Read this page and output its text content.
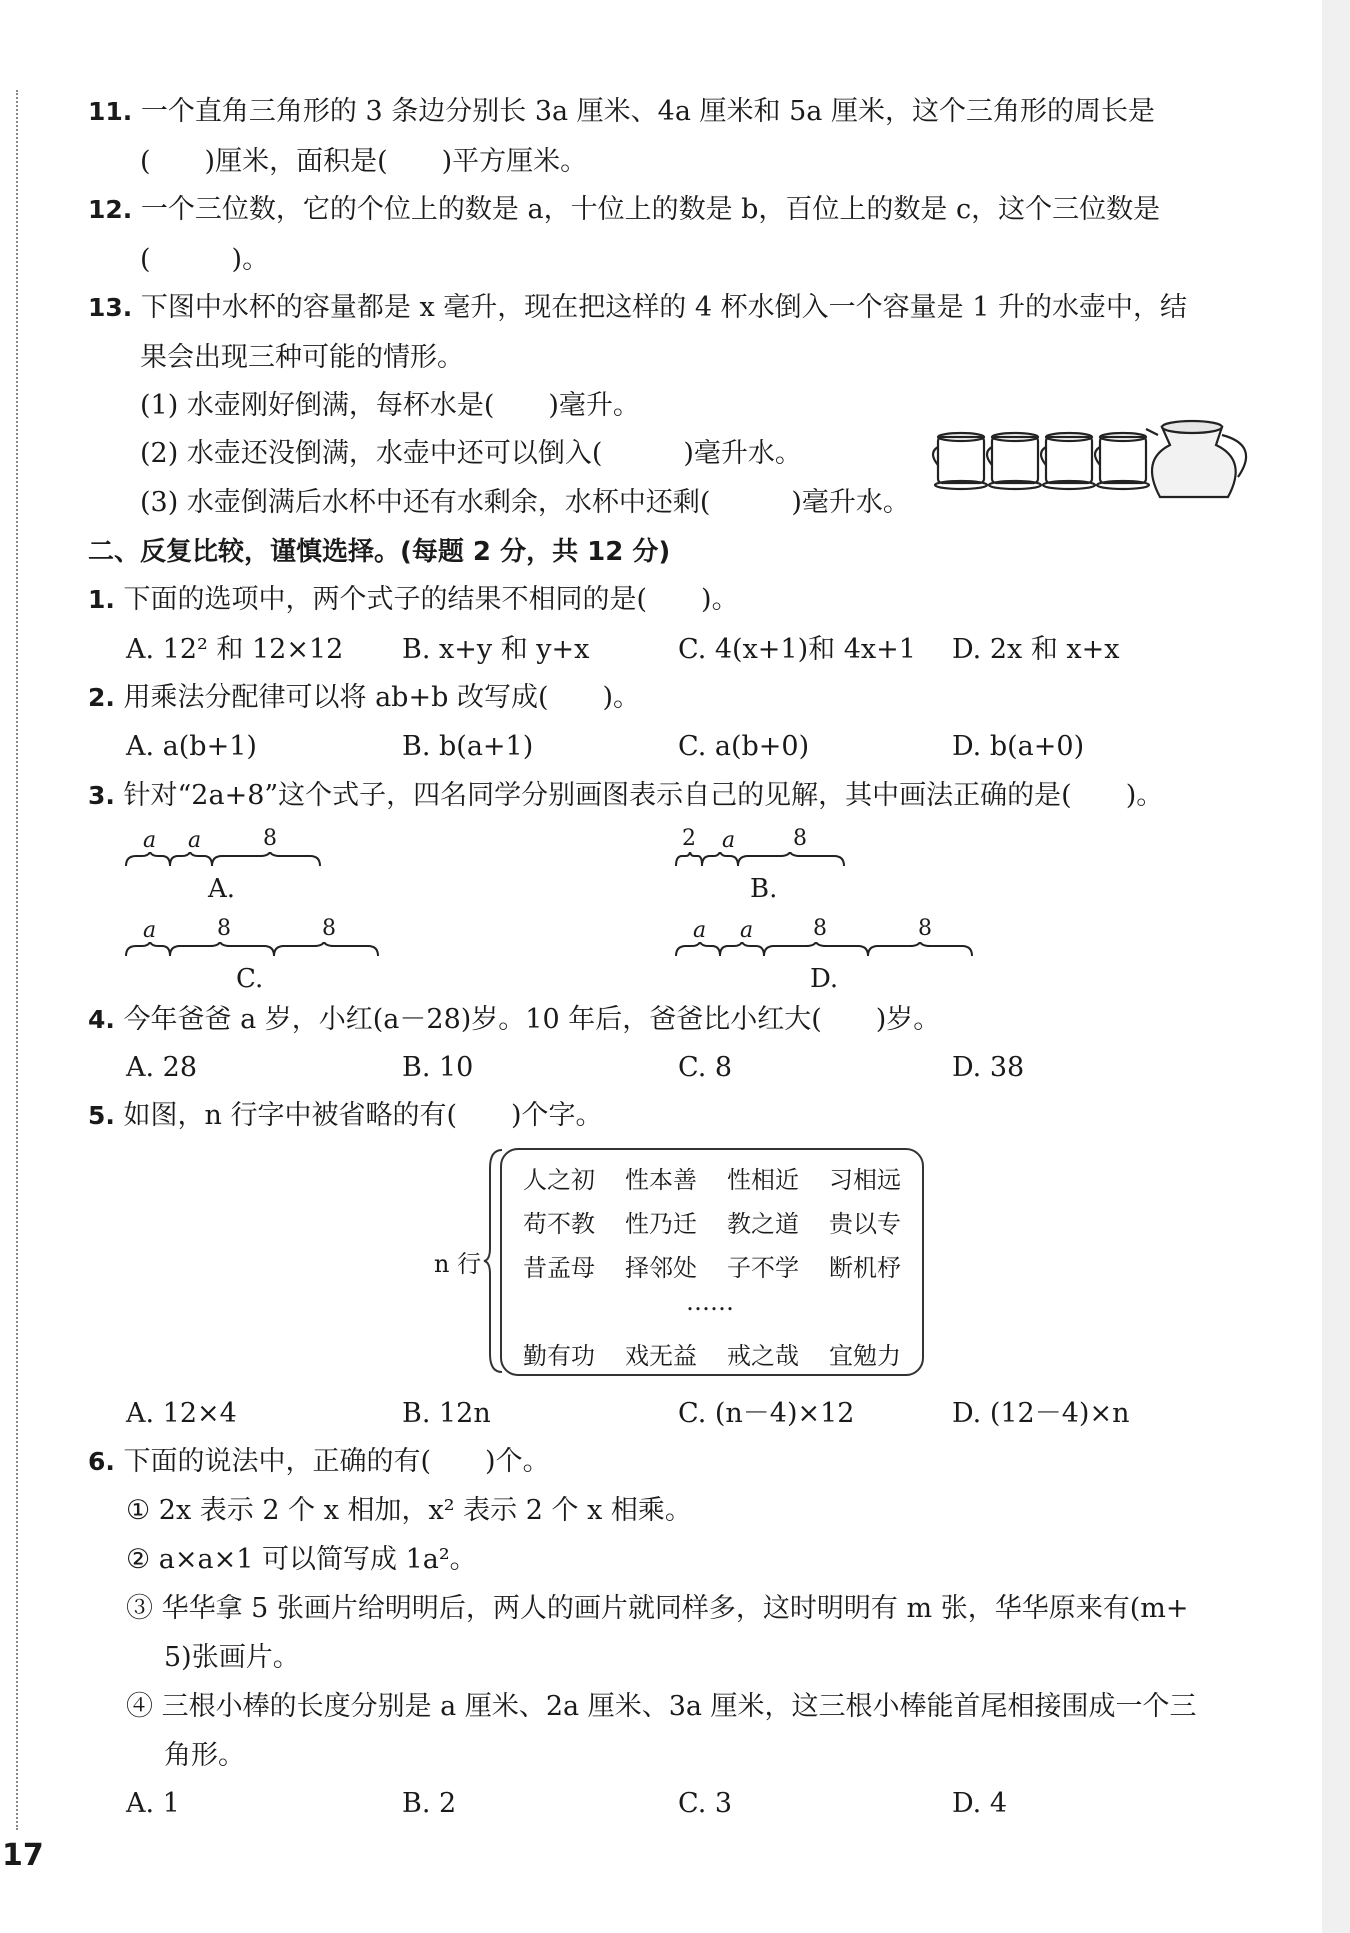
11. 一个直角三角形的 3 条边分别长 3a 厘米、4a 厘米和 5a 厘米，这个三角形的周长是
(　　)厘米，面积是(　　)平方厘米。
12. 一个三位数，它的个位上的数是 a，十位上的数是 b，百位上的数是 c，这个三位数是
(　　　)。
13. 下图中水杯的容量都是 x 毫升，现在把这样的 4 杯水倒入一个容量是 1 升的水壶中，结
果会出现三种可能的情形。
(1) 水壶刚好倒满，每杯水是(　　)毫升。
(2) 水壶还没倒满，水壶中还可以倒入(　　　)毫升水。
(3) 水壶倒满后水杯中还有水剩余，水杯中还剩(　　　)毫升水。
二、反复比较，谨慎选择。(每题 2 分，共 12 分)
1. 下面的选项中，两个式子的结果不相同的是(　　)。
A. 12² 和 12×12 B. x+y 和 y+x	C. 4(x+1)和 4x+1 D. 2x 和 x+x
2. 用乘法分配律可以将 ab+b 改写成(　　)。
A. a(b+1)	B. b(a+1)	C. a(b+0)	D. b(a+0)
3. 针对“2a+8”这个式子，四名同学分别画图表示自己的见解，其中画法正确的是(　　)。
a a	8
A.
2 a	8
B.
a	8	8
C.
a a	8	8
D.
4. 今年爸爸 a 岁，小红(a－28)岁。10 年后，爸爸比小红大(　　)岁。
A. 28	B. 10	C. 8	D. 38
5. 如图，n 行字中被省略的有(　　)个字。
n 行
人之初 性本善 性相近 习相远
苟不教 性乃迁 教之道 贵以专
昔孟母 择邻处 子不学 断机杼
……
勤有功 戏无益 戒之哉 宜勉力
A. 12×4	B. 12n	C. (n－4)×12	D. (12－4)×n
6. 下面的说法中，正确的有(　　)个。
① 2x 表示 2 个 x 相加，x² 表示 2 个 x 相乘。
② a×a×1 可以简写成 1a²。
③ 华华拿 5 张画片给明明后，两人的画片就同样多，这时明明有 m 张，华华原来有(m+
5)张画片。
④ 三根小棒的长度分别是 a 厘米、2a 厘米、3a 厘米，这三根小棒能首尾相接围成一个三
角形。
A. 1	B. 2	C. 3	D. 4
17
